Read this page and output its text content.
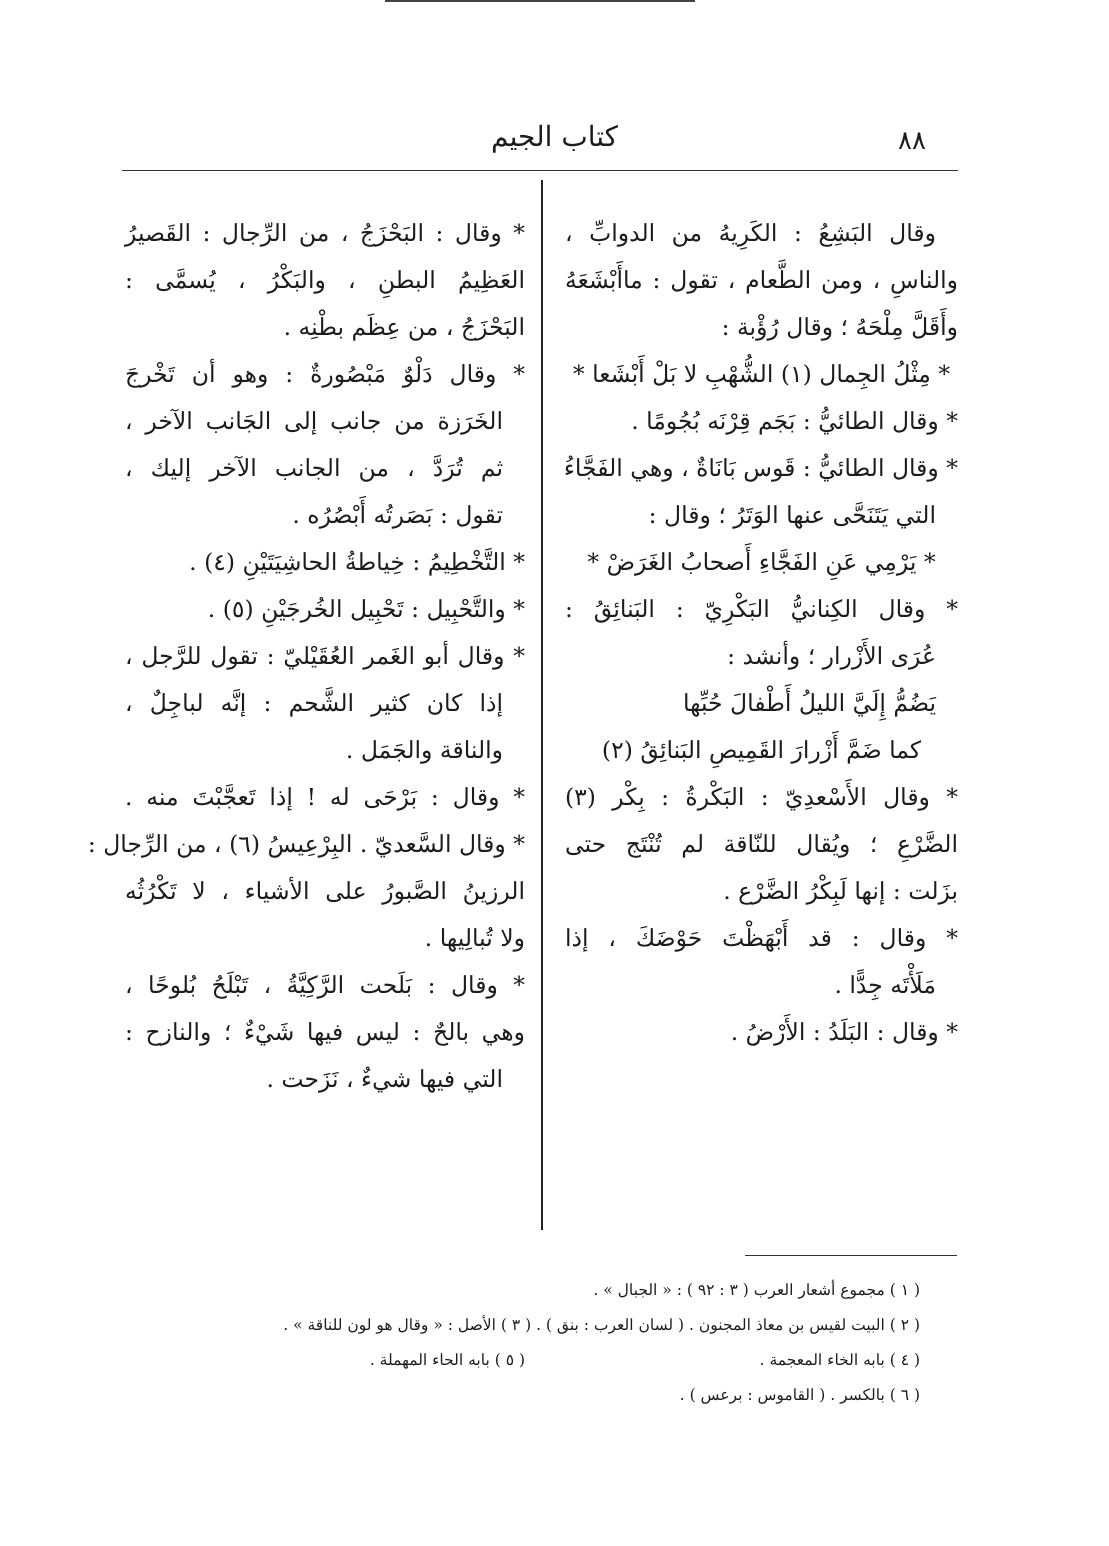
٨٨
كتاب الجيم
وقال البَشِعُ : الكَرِيهُ من الدوابِّ ،
والناسِ ، ومن الطَّعام ، تقول : ماأَبْشَعَهُ
وأَقَلَّ مِلْحَهُ ؛ وقال رُؤْبة :
* مِثْلُ الجِمال (١) الشُّهْبِ لا بَلْ أَبْشَعا *
* وقال الطائيُّ : بَجَم قِرْنَه بُجُومًا .
* وقال الطائيُّ : قَوس بَانَاةٌ ، وهي الفَجَّاءُ
التي يَتَنَحَّى عنها الوَتَرُ ؛ وقال :
* يَرْمِي عَنِ الفَجَّاءِ أَصحابُ الغَرَضْ *
* وقال الكِنانيُّ البَكْرِيّ : البَنائِقُ :
عُرَى الأَزْرار ؛ وأنشد :
يَضُمُّ إِلَيَّ الليلُ أَطْفالَ حُبِّها
كما ضَمَّ أَزْرارَ القَمِيصِ البَنائِقُ (٢)
* وقال الأَسْعدِيّ : البَكْرةُ : بِكْر (٣)
الضَّرْعِ ؛ ويُقال للنّاقة لم تُنْتَج حتى
بزَلت : إنها لَبِكْرُ الضَّرْع .
* وقال : قد أَبْهَظْتَ حَوْضَكَ ، إذا
مَلَأْتَه جِدًّا .
* وقال : البَلَدُ : الأَرْضُ .
* وقال : البَحْزَجُ ، من الرِّجال : القَصيرُ
العَظِيمُ البطنِ ، والبَكْرُ ، يُسمَّى :
البَحْزَجُ ، من عِظَم بطْنِه .
* وقال دَلْوٌ مَبْصُورةٌ : وهو أن تَخْرجَ
الخَرَزة من جانب إلى الجَانب الآخر ،
ثم تُرَدَّ ، من الجانب الآخر إليك ،
تقول : بَصَرتُه أَبْصُرُه .
* التَّخْطِيمُ : خِياطةُ الحاشِيَتَيْنِ (٤) .
* والتَّحْبِيل : تَحْبِيل الخُرجَيْنِ (٥) .
* وقال أبو الغَمر العُقَيْليّ : تقول للرَّجل ،
إذا كان كثير الشَّحم : إنَّه لباجِلٌ ،
والناقة والجَمَل .
* وقال : بَرْحَى له ! إذا تَعجَّبْتَ منه .
* وقال السَّعديّ . البِرْعِيسُ (٦) ، من الرِّجال :
الرزينُ الصَّبورُ على الأشياء ، لا تَكْرُثُه
ولا تُبالِيها .
* وقال : بَلَحت الرَّكِيَّةُ ، تَبْلَحُ بُلوحًا ،
وهي بالحٌ : ليس فيها شَيْءٌ ؛ والنازح :
التي فيها شيءٌ ، نَزَحت .
( ١ ) مجموع أشعار العرب ( ٣ : ٩٢ ) : « الجبال » .
( ٢ ) البيت لقيس بن معاذ المجنون . ( لسان العرب : بنق ) . ( ٣ ) الأصل : « وقال هو لون للناقة » .
( ٤ ) بابه الخاء المعجمة .
( ٥ ) بابه الحاء المهملة .
( ٦ ) بالكسر . ( القاموس : برعس ) .
